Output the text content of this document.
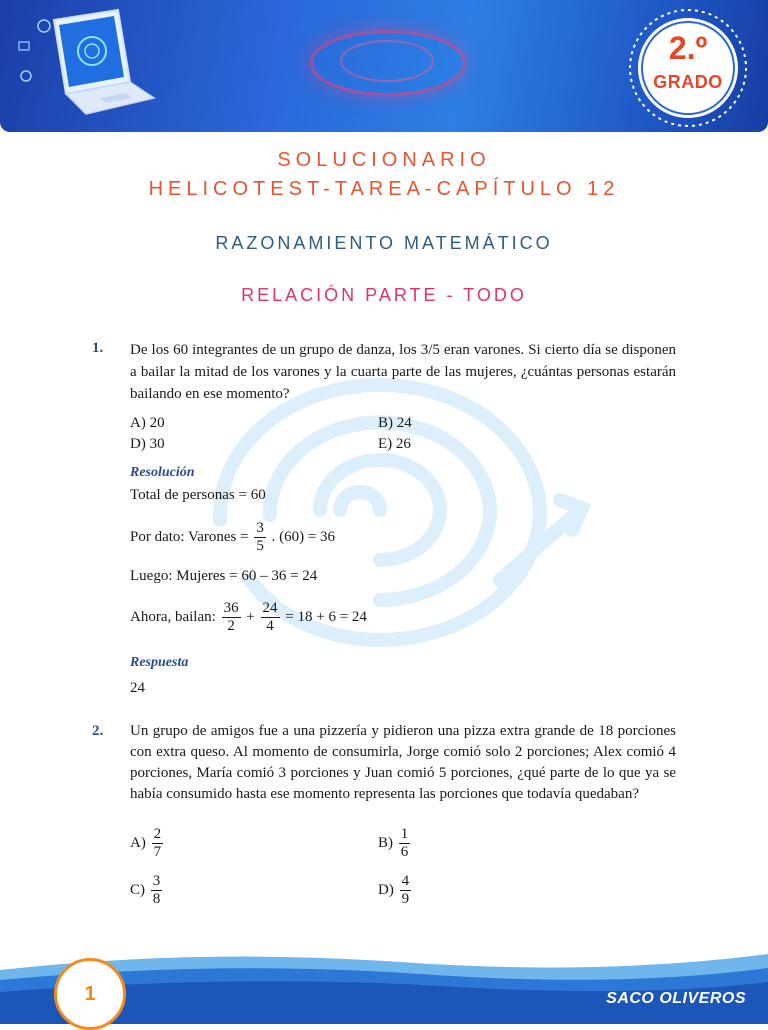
2.º
GRADO
SOLUCIONARIO
HELICOTEST-TAREA-CAPÍTULO 12
RAZONAMIENTO MATEMÁTICO
RELACIÓN PARTE - TODO
1. De los 60 integrantes de un grupo de danza, los 3/5 eran varones. Si cierto día se disponen a bailar la mitad de los varones y la cuarta parte de las mujeres, ¿cuántas personas estarán bailando en ese momento?
A) 20	B) 24
D) 30	E) 26
Resolución
Total de personas = 60
Por dato: Varones = $\frac{3}{5}$ . (60) = 36
Luego: Mujeres = 60 – 36 = 24
Ahora, bailan: $\frac{36}{2} + \frac{24}{4} = 18 + 6 = 24$
Respuesta
24
2. Un grupo de amigos fue a una pizzería y pidieron una pizza extra grande de 18 porciones con extra queso. Al momento de consumirla, Jorge comió solo 2 porciones; Alex comió 4 porciones, María comió 3 porciones y Juan comió 5 porciones, ¿qué parte de lo que ya se había consumido hasta ese momento representa las porciones que todavía quedaban?
$A) \frac{2}{7}$	$B) \frac{1}{6}$
$C) \frac{3}{8}$	$D) \frac{4}{9}$
1	SACO OLIVEROS
